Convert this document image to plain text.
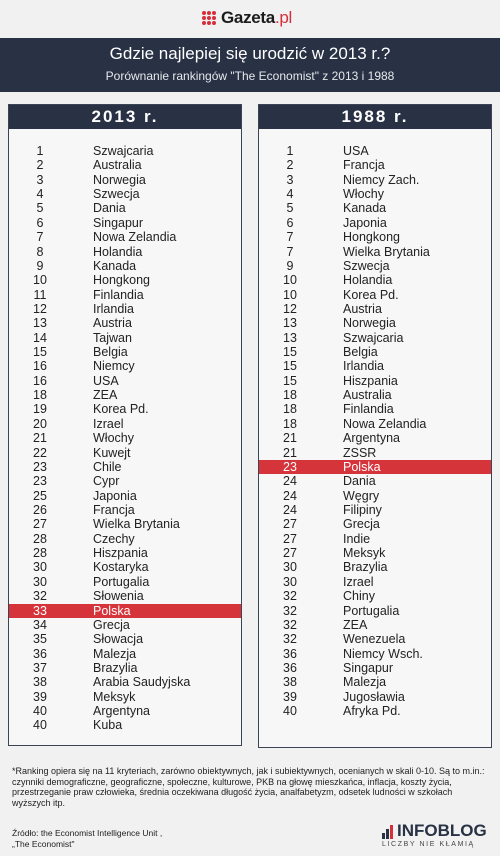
Gazeta.pl
Gdzie najlepiej się urodzić w 2013 r.?
Porównanie rankingów "The Economist" z 2013 i 1988
2013 r.
1	Szwajcaria
2	Australia
3	Norwegia
4	Szwecja
5	Dania
6	Singapur
7	Nowa Zelandia
8	Holandia
9	Kanada
10	Hongkong
11	Finlandia
12	Irlandia
13	Austria
14	Tajwan
15	Belgia
16	Niemcy
16	USA
18	ZEA
19	Korea Pd.
20	Izrael
21	Włochy
22	Kuwejt
23	Chile
23	Cypr
25	Japonia
26	Francja
27	Wielka Brytania
28	Czechy
28	Hiszpania
30	Kostaryka
30	Portugalia
32	Słowenia
33	Polska
34	Grecja
35	Słowacja
36	Malezja
37	Brazylia
38	Arabia Saudyjska
39	Meksyk
40	Argentyna
40	Kuba
1988 r.
1	USA
2	Francja
3	Niemcy Zach.
4	Włochy
5	Kanada
6	Japonia
7	Hongkong
7	Wielka Brytania
9	Szwecja
10	Holandia
10	Korea Pd.
12	Austria
13	Norwegia
13	Szwajcaria
15	Belgia
15	Irlandia
15	Hiszpania
18	Australia
18	Finlandia
18	Nowa Zelandia
21	Argentyna
21	ZSSR
23	Polska
24	Dania
24	Węgry
24	Filipiny
27	Grecja
27	Indie
27	Meksyk
30	Brazylia
30	Izrael
32	Chiny
32	Portugalia
32	ZEA
32	Wenezuela
36	Niemcy Wsch.
36	Singapur
38	Malezja
39	Jugosławia
40	Afryka Pd.
*Ranking opiera się na 11 kryteriach, zarówno obiektywnych, jak i subiektywnych, ocenianych w skali 0-10. Są to m.in.: czynniki demograficzne, geograficzne, społeczne, kulturowe, PKB na głowę mieszkańca, inflacja, koszty życia, przestrzeganie praw człowieka, średnia oczekiwana długość życia, analfabetyzm, odsetek ludności w szkołach wyższych itp.
Źródło: the Economist Intelligence Unit ,
„The Economist"
INFOBLOG
LICZBY NIE KŁAMIĄ
